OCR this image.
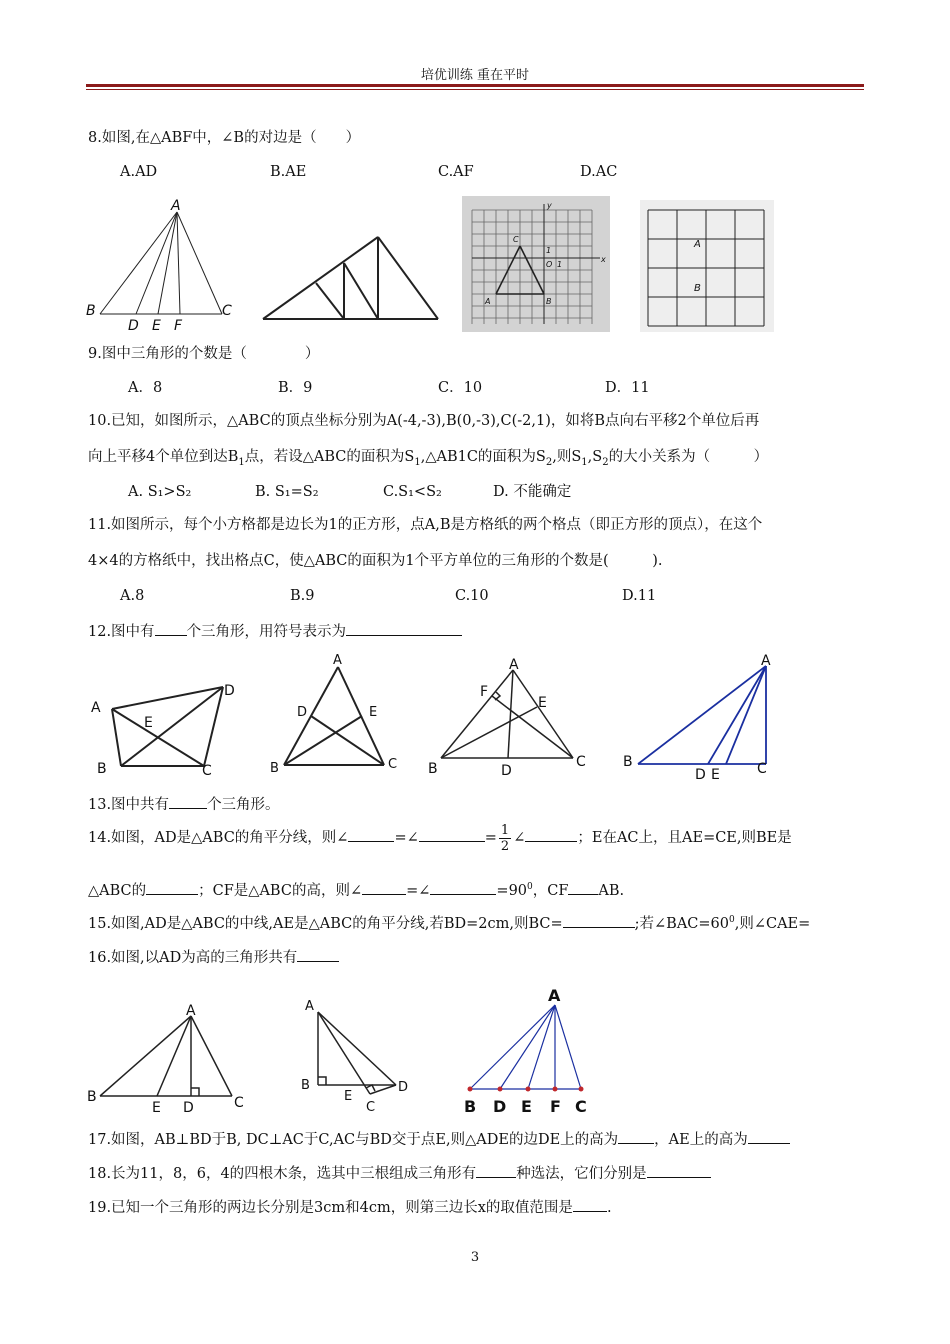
培优训练 重在平时
8.如图,在△ABF中，∠B的对边是（　　）
A.AD	B.AE	C.AF	D.AC
A
B	C
D E F
C
1
O 1
A	B
y
x
A
B
9.图中三角形的个数是（　　　　）
A．8	B．9	C．10	D．11
10.已知，如图所示，△ABC的顶点坐标分别为A(-4,-3),B(0,-3),C(-2,1)，如将B点向右平移2个单位后再
向上平移4个单位到达$B_1$点，若设△ABC的面积为$S_1,\triangle AB1C$的面积为$S_2$,则$S_1,S_2$的大小关系为（　　　）
A. S₁>S₂	B. S₁=S₂	C.S₁<S₂	D. 不能确定
11.如图所示，每个小方格都是边长为1的正方形，点A,B是方格纸的两个格点（即正方形的顶点），在这个
4×4的方格纸中，找出格点C，使△ABC的面积为1个平方单位的三角形的个数是(　　　).
A.8	B.9	C.10	D.11
12.图中有 个三角形，用符号表示为
A
D
E
B	C
A
D	E
B	C
A
F
E
B	D
C
A
B
D E	C
13.图中共有	个三角形。
14.如图，AD是△ABC的角平分线，则∠	=∠	= $\frac{1}{2}$ ∠	；E在AC上，且AE=CE,则BE是
△ABC的	；CF是△ABC的高，则∠	=∠	$=90^0$，CF AB.
15.如图,AD是△ABC的中线,AE是△ABC的角平分线,若BD=2cm,则BC=	;若$\angle BAC=60^0$,则∠CAE=
16.如图,以AD为高的三角形共有
A
B
E D	C
A
B
E
C
D
A
B D E F C
17.如图，AB⊥BD于B, DC⊥AC于C,AC与BD交于点E,则△ADE的边DE上的高为 ，AE上的高为
18.长为11，8，6，4的四根木条，选其中三根组成三角形有	种选法，它们分别是
19.已知一个三角形的两边长分别是3cm和4cm，则第三边长x的取值范围是 .
3
